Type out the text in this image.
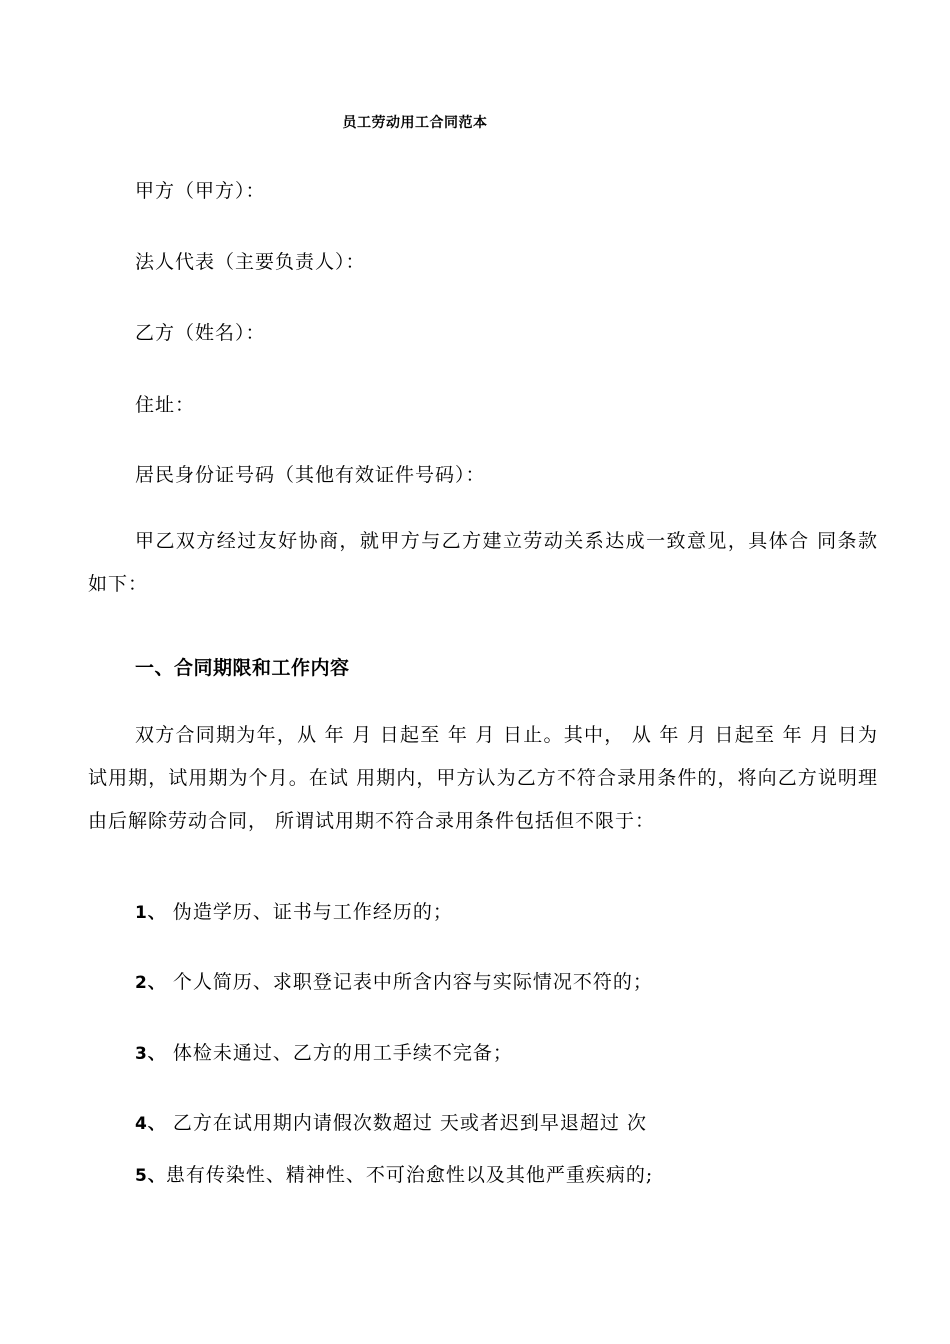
员工劳动用工合同范本
甲方（甲方）：
法人代表（主要负责人）：
乙方（姓名）：
住址：
居民身份证号码（其他有效证件号码）：
甲乙双方经过友好协商，就甲方与乙方建立劳动关系达成一致意见，具体合 同条款如下：
一、合同期限和工作内容
双方合同期为年，从 年 月 日起至 年 月 日止。其中， 从 年 月 日起至 年 月 日为试用期，试用期为个月。在试 用期内，甲方认为乙方不符合录用条件的，将向乙方说明理由后解除劳动合同， 所谓试用期不符合录用条件包括但不限于：
1、 伪造学历、证书与工作经历的；
2、 个人简历、求职登记表中所含内容与实际情况不符的；
3、 体检未通过、乙方的用工手续不完备；
4、 乙方在试用期内请假次数超过 天或者迟到早退超过 次
5、患有传染性、精神性、不可治愈性以及其他严重疾病的;
